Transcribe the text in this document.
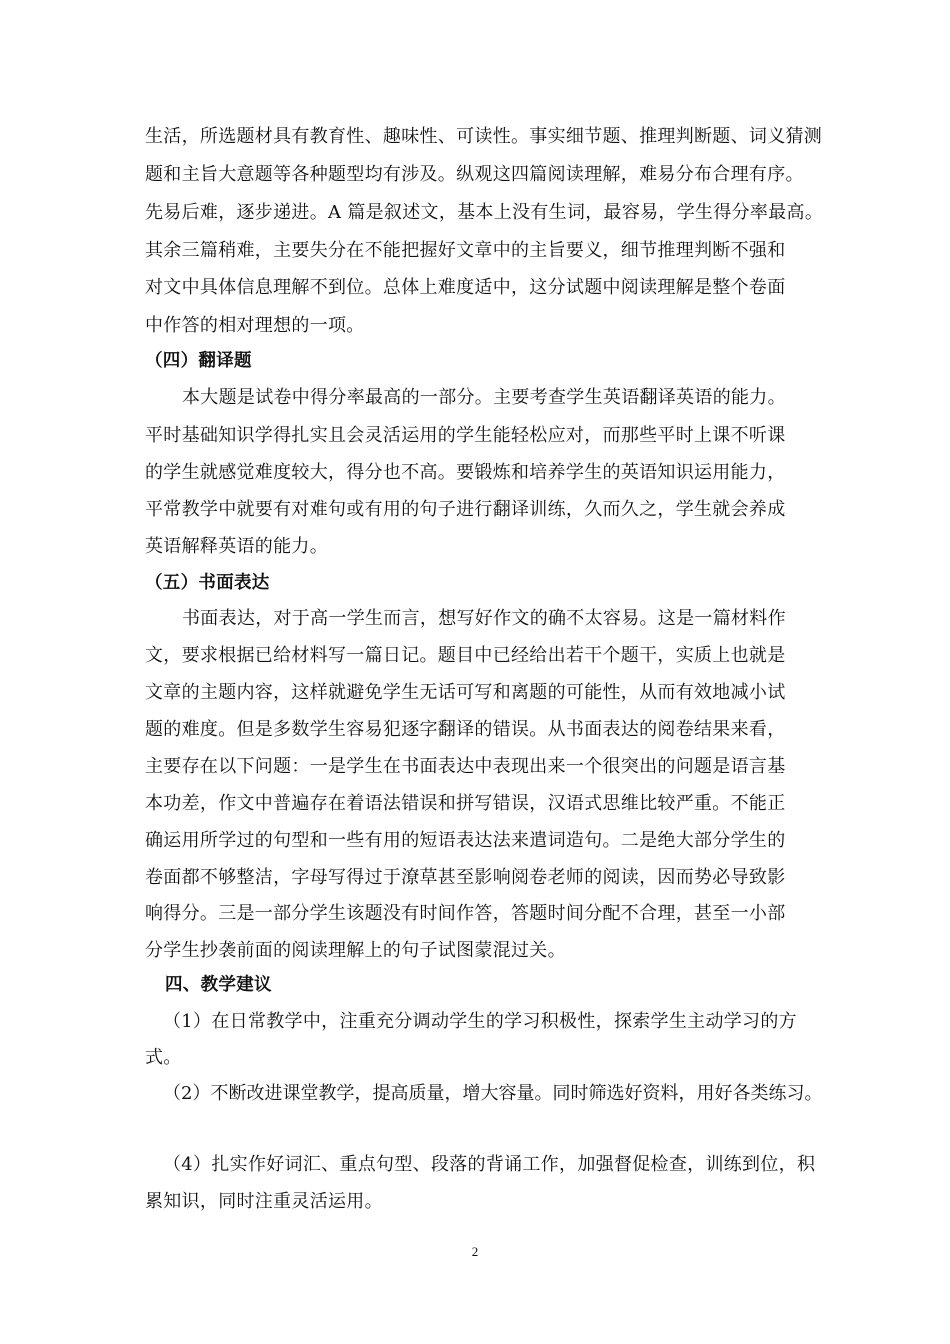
生活，所选题材具有教育性、趣味性、可读性。事实细节题、推理判断题、词义猜测
题和主旨大意题等各种题型均有涉及。纵观这四篇阅读理解，难易分布合理有序。
先易后难，逐步递进。A 篇是叙述文，基本上没有生词，最容易，学生得分率最高。
其余三篇稍难，主要失分在不能把握好文章中的主旨要义，细节推理判断不强和
对文中具体信息理解不到位。总体上难度适中，这分试题中阅读理解是整个卷面
中作答的相对理想的一项。
（四）翻译题
本大题是试卷中得分率最高的一部分。主要考查学生英语翻译英语的能力。
平时基础知识学得扎实且会灵活运用的学生能轻松应对，而那些平时上课不听课
的学生就感觉难度较大，得分也不高。要锻炼和培养学生的英语知识运用能力，
平常教学中就要有对难句或有用的句子进行翻译训练，久而久之，学生就会养成
英语解释英语的能力。
（五）书面表达
书面表达，对于高一学生而言，想写好作文的确不太容易。这是一篇材料作
文，要求根据已给材料写一篇日记。题目中已经给出若干个题干，实质上也就是
文章的主题内容，这样就避免学生无话可写和离题的可能性，从而有效地减小试
题的难度。但是多数学生容易犯逐字翻译的错误。从书面表达的阅卷结果来看，
主要存在以下问题：一是学生在书面表达中表现出来一个很突出的问题是语言基
本功差，作文中普遍存在着语法错误和拼写错误，汉语式思维比较严重。不能正
确运用所学过的句型和一些有用的短语表达法来遣词造句。二是绝大部分学生的
卷面都不够整洁，字母写得过于潦草甚至影响阅卷老师的阅读，因而势必导致影
响得分。三是一部分学生该题没有时间作答，答题时间分配不合理，甚至一小部
分学生抄袭前面的阅读理解上的句子试图蒙混过关。
四、教学建议
（1）在日常教学中，注重充分调动学生的学习积极性，探索学生主动学习的方
式。
（2）不断改进课堂教学，提高质量，增大容量。同时筛选好资料，用好各类练习。
（4）扎实作好词汇、重点句型、段落的背诵工作，加强督促检查，训练到位，积
累知识，同时注重灵活运用。
2
